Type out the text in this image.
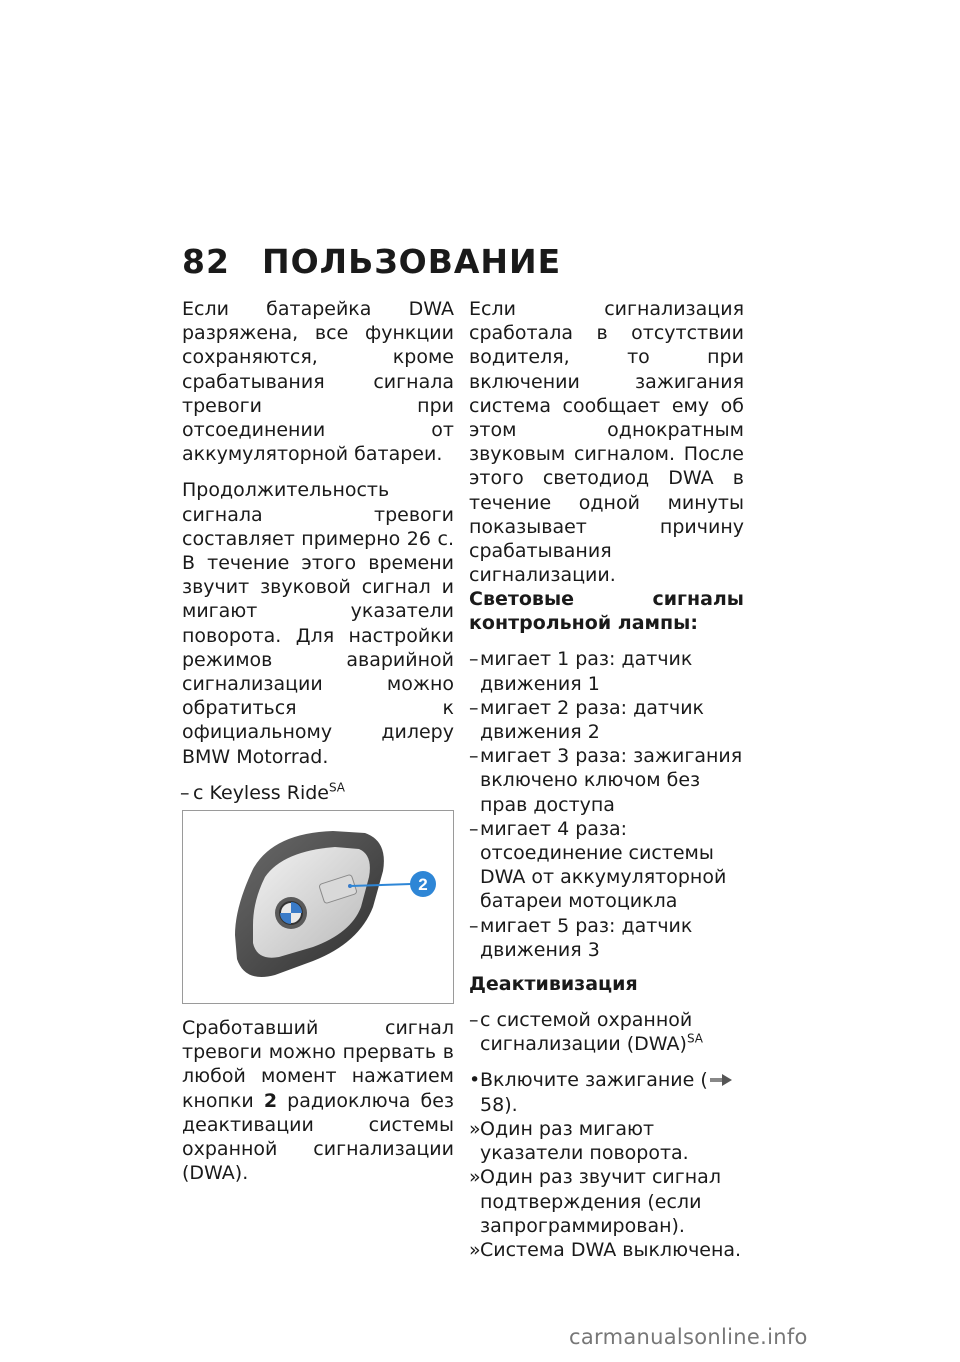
82 ПОЛЬЗОВАНИЕ

Если батарейка DWA разряжена, все функции сохраняются, кроме срабатывания сигнала тревоги при отсоединении от аккумуляторной батареи.

Продолжительность сигнала тревоги составляет примерно 26 с. В течение этого времени звучит звуковой сигнал и мигают указатели поворота. Для настройки режимов аварийной сигнализации можно обратиться к официальному дилеру BMW Motorrad.

– с Keyless Ride$^{SA}$
2

Сработавший сигнал тревоги можно прервать в любой момент нажатием кнопки 2 радиоключа без деактивации системы охранной сигнализации (DWA).

Если сигнализация сработала в отсутствии водителя, то при включении зажигания система сообщает ему об этом однократным звуковым сигналом. После этого светодиод DWA в течение одной минуты показывает причину срабатывания сигнализации.

Световые сигналы контрольной лампы:

– мигает 1 раз: датчик движения 1
– мигает 2 раза: датчик движения 2
– мигает 3 раза: зажигания включено ключом без прав доступа
– мигает 4 раза: отсоединение системы DWA от аккумуляторной батареи мотоцикла
– мигает 5 раз: датчик движения 3

Деактивизация

– с системой охранной сигнализации (DWA)$^{SA}$
• Включите зажигание (58).
» Один раз мигают указатели поворота.
» Один раз звучит сигнал подтверждения (если запрограммирован).
» Система DWA выключена.
carmanualsonline.info
